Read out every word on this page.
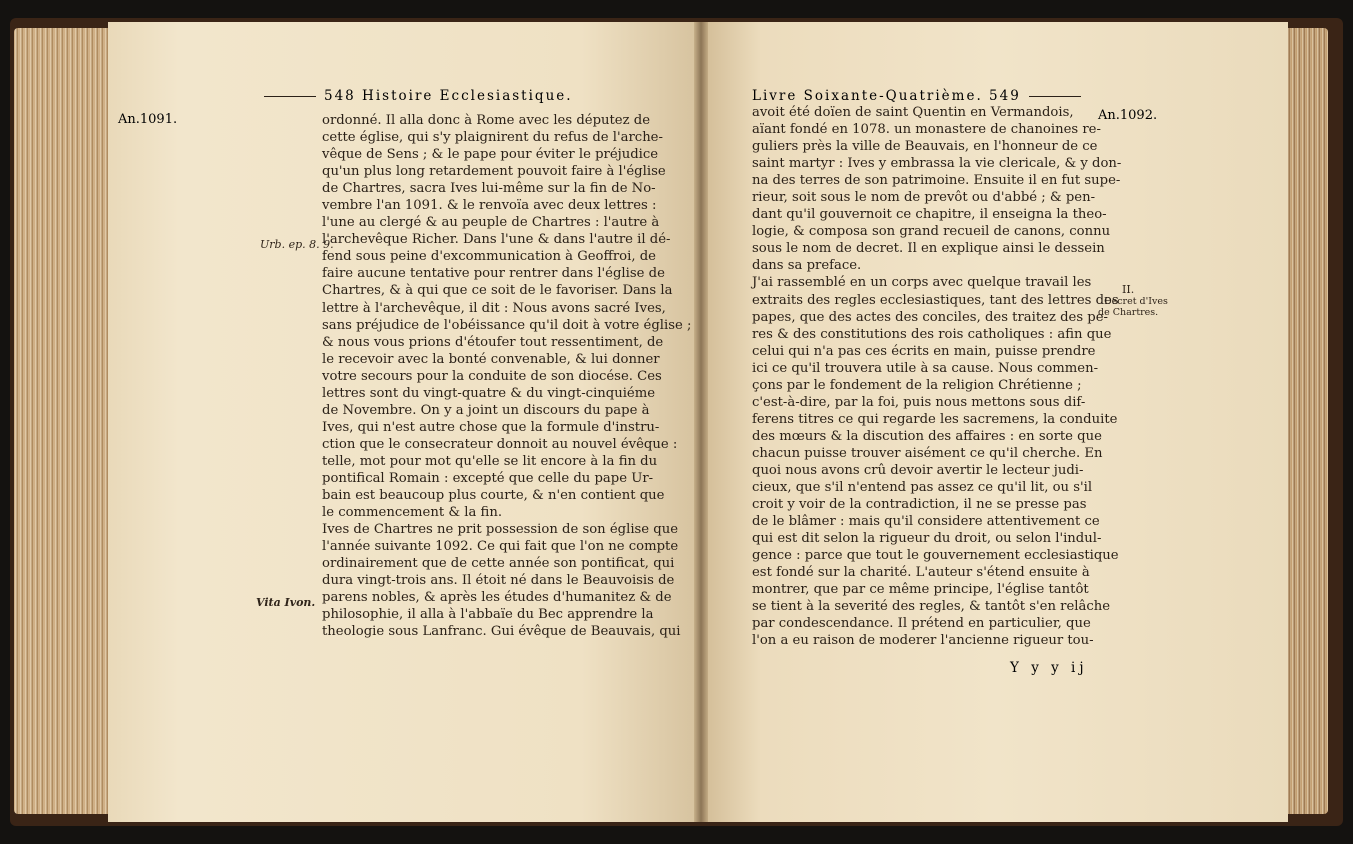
548 Histoire Ecclesiastique.
An.1091.
Urb. ep. 8. 9.
Vita Ivon.
ordonné. Il alla donc à Rome avec les députez de
cette église, qui s'y plaignirent du refus de l'arche-
vêque de Sens ; & le pape pour éviter le préjudice
qu'un plus long retardement pouvoit faire à l'église
de Chartres, sacra Ives lui-même sur la fin de No-
vembre l'an 1091. & le renvoïa avec deux lettres :
l'une au clergé & au peuple de Chartres : l'autre à
l'archevêque Richer. Dans l'une & dans l'autre il dé-
fend sous peine d'excommunication à Geoffroi, de
faire aucune tentative pour rentrer dans l'église de
Chartres, & à qui que ce soit de le favoriser. Dans la
lettre à l'archevêque, il dit : Nous avons sacré Ives,
sans préjudice de l'obéissance qu'il doit à votre église ;
& nous vous prions d'étoufer tout ressentiment, de
le recevoir avec la bonté convenable, & lui donner
votre secours pour la conduite de son diocése. Ces
lettres sont du vingt-quatre & du vingt-cinquiéme
de Novembre. On y a joint un discours du pape à
Ives, qui n'est autre chose que la formule d'instru-
ction que le consecrateur donnoit au nouvel évêque :
telle, mot pour mot qu'elle se lit encore à la fin du
pontifical Romain : excepté que celle du pape Ur-
bain est beaucoup plus courte, & n'en contient que
le commencement & la fin.
Ives de Chartres ne prit possession de son église que
l'année suivante 1092. Ce qui fait que l'on ne compte
ordinairement que de cette année son pontificat, qui
dura vingt-trois ans. Il étoit né dans le Beauvoisis de
parens nobles, & après les études d'humanitez & de
philosophie, il alla à l'abbaïe du Bec apprendre la
theologie sous Lanfranc. Gui évêque de Beauvais, qui
Livre Soixante-Quatrième. 549
An.1092.
II.
Decret d'Ives
de Chartres.
avoit été doïen de saint Quentin en Vermandois,
aïant fondé en 1078. un monastere de chanoines re-
guliers près la ville de Beauvais, en l'honneur de ce
saint martyr : Ives y embrassa la vie clericale, & y don-
na des terres de son patrimoine. Ensuite il en fut supe-
rieur, soit sous le nom de prevôt ou d'abbé ; & pen-
dant qu'il gouvernoit ce chapitre, il enseigna la theo-
logie, & composa son grand recueil de canons, connu
sous le nom de decret. Il en explique ainsi le dessein
dans sa preface.
J'ai rassemblé en un corps avec quelque travail les
extraits des regles ecclesiastiques, tant des lettres des
papes, que des actes des conciles, des traitez des pe-
res & des constitutions des rois catholiques : afin que
celui qui n'a pas ces écrits en main, puisse prendre
ici ce qu'il trouvera utile à sa cause. Nous commen-
çons par le fondement de la religion Chrétienne ;
c'est-à-dire, par la foi, puis nous mettons sous dif-
ferens titres ce qui regarde les sacremens, la conduite
des mœurs & la discution des affaires : en sorte que
chacun puisse trouver aisément ce qu'il cherche. En
quoi nous avons crû devoir avertir le lecteur judi-
cieux, que s'il n'entend pas assez ce qu'il lit, ou s'il
croit y voir de la contradiction, il ne se presse pas
de le blâmer : mais qu'il considere attentivement ce
qui est dit selon la rigueur du droit, ou selon l'indul-
gence : parce que tout le gouvernement ecclesiastique
est fondé sur la charité. L'auteur s'étend ensuite à
montrer, que par ce même principe, l'église tantôt
se tient à la severité des regles, & tantôt s'en relâche
par condescendance. Il prétend en particulier, que
l'on a eu raison de moderer l'ancienne rigueur tou-
Y y y ij
